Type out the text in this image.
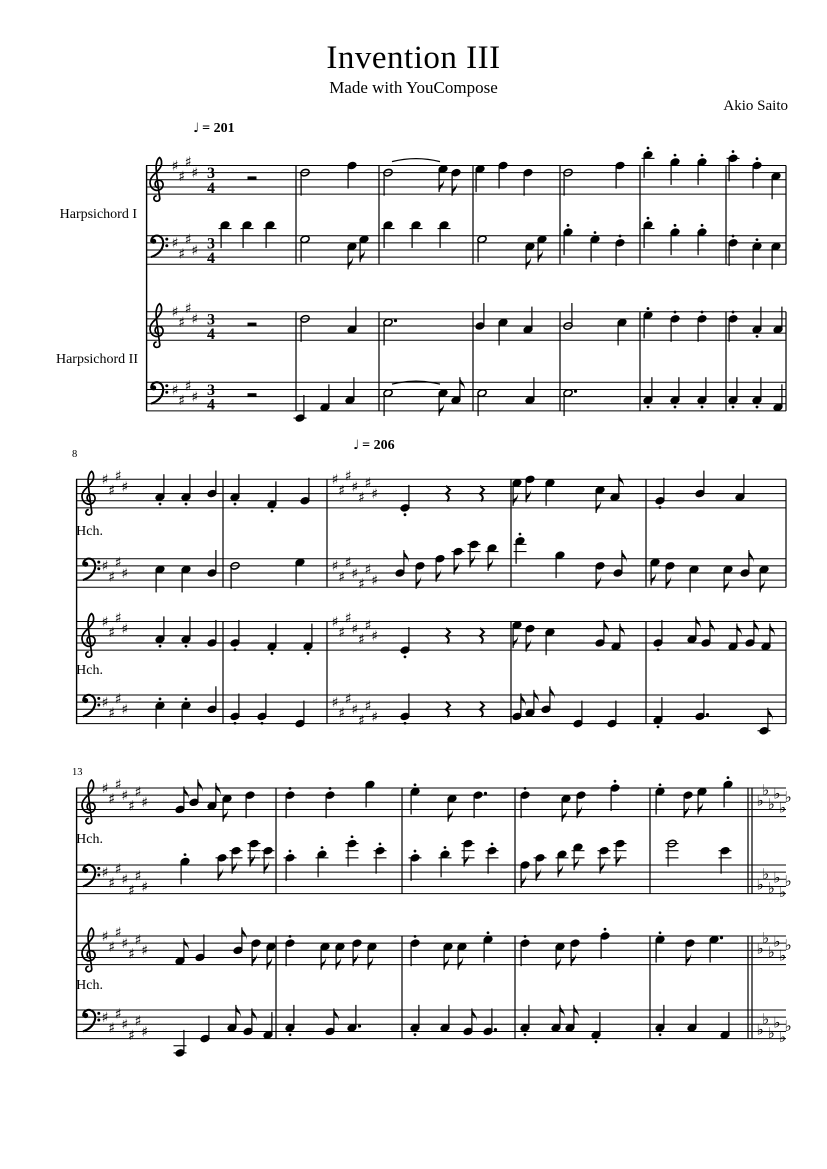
Invention III
Made with YouCompose
Akio Saito
♯
♯
♯
♯ 3
4
♯
♯
♯
♯ 3
4
♯
♯
♯
♯ 3
4
♯
♯
♯
♯ 3
4
♯
♯
♯
♯	♯
♯
♯
♯
♯
♯
♯
♯
♯
♯
♯	♯
♯
♯
♯
♯
♯
♯
♯
♯
♯
♯	♯
♯
♯
♯
♯
♯
♯
♯
♯
♯
♯	♯
♯
♯
♯
♯
♯
♯
♯
♯
♯
♯
♯
♯
♯	♭
♭
♭
♭
♭
♭
♯
♯
♯
♯
♯
♯
♯	♭
♭
♭
♭
♭
♭
♯
♯
♯
♯
♯
♯
♯	♭
♭
♭
♭
♭
♭
♯
♯
♯
♯
♯
♯
♯	♭
♭
♭
♭
♭
♭
♩ = 201
♩ = 206
Harpsichord I
Harpsichord II
Hch.
Hch.
Hch.
Hch.
8
13
